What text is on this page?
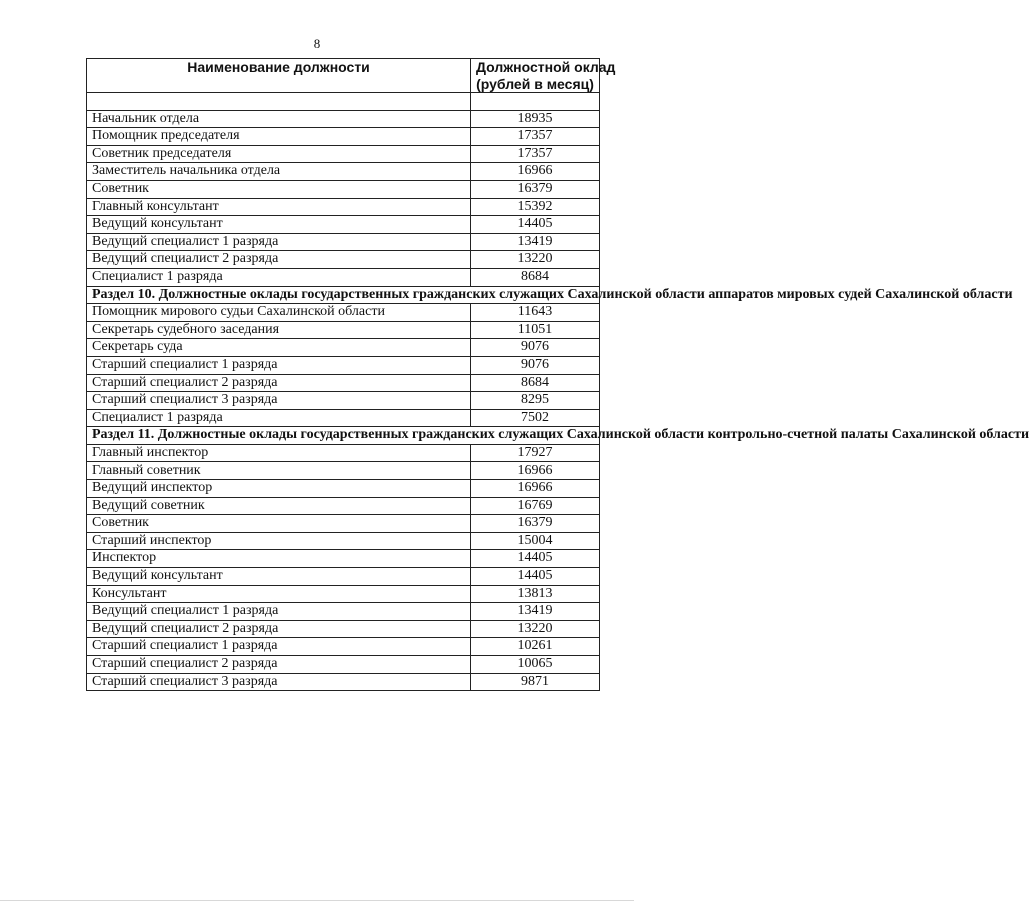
8
Наименование должности	Должностной оклад
(рублей в месяц)

Начальник отдела	18935
Помощник председателя	17357
Советник председателя	17357
Заместитель начальника отдела	16966
Советник	16379
Главный консультант	15392
Ведущий консультант	14405
Ведущий специалист 1 разряда	13419
Ведущий специалист 2 разряда	13220
Специалист 1 разряда	8684
Раздел 10. Должностные оклады государственных гражданских служащих Сахалинской области аппаратов мировых судей Сахалинской области	
Помощник мирового судьи Сахалинской области	11643
Секретарь судебного заседания	11051
Секретарь суда	9076
Старший специалист 1 разряда	9076
Старший специалист 2 разряда	8684
Старший специалист 3 разряда	8295
Специалист 1 разряда	7502
Раздел 11. Должностные оклады государственных гражданских служащих Сахалинской области контрольно-счетной палаты Сахалинской области	
Главный инспектор	17927
Главный советник	16966
Ведущий инспектор	16966
Ведущий советник	16769
Советник	16379
Старший инспектор	15004
Инспектор	14405
Ведущий консультант	14405
Консультант	13813
Ведущий специалист 1 разряда	13419
Ведущий специалист 2 разряда	13220
Старший специалист 1 разряда	10261
Старший специалист 2 разряда	10065
Старший специалист 3 разряда	9871
